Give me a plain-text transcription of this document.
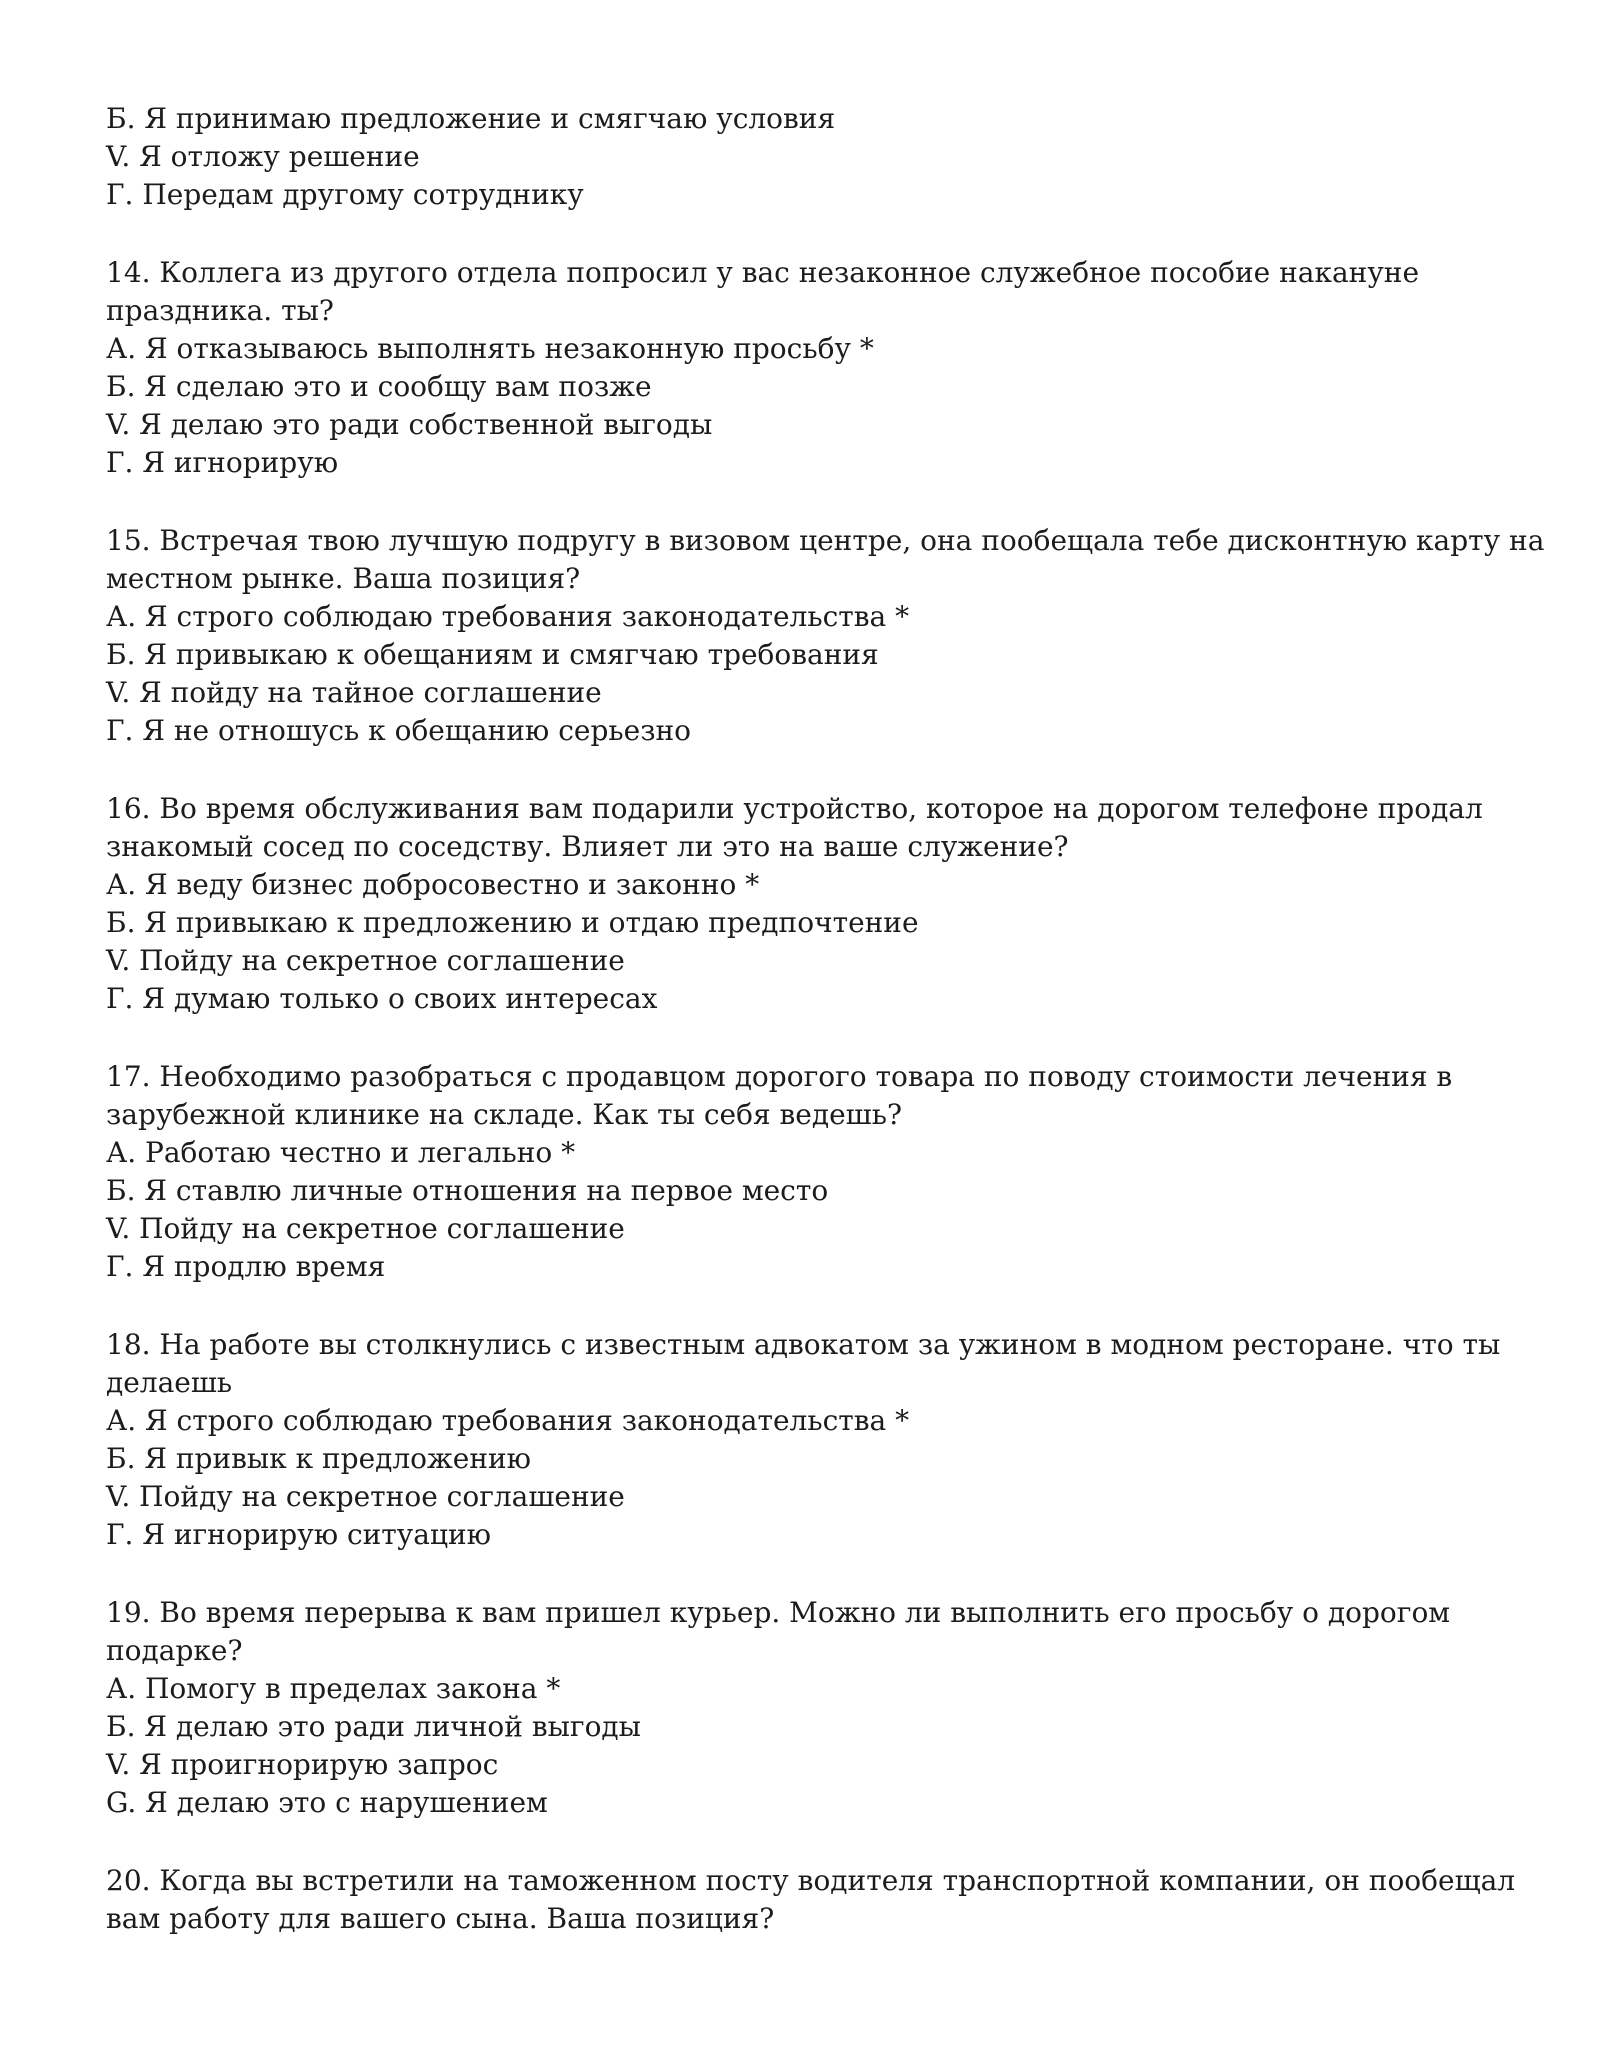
Б. Я принимаю предложение и смягчаю условия

V. Я отложу решение

Г. Передам другому сотруднику

14. Коллега из другого отдела попросил у вас незаконное служебное пособие накануне

праздника. ты?

А. Я отказываюсь выполнять незаконную просьбу *

Б. Я сделаю это и сообщу вам позже

V. Я делаю это ради собственной выгоды

Г. Я игнорирую

15. Встречая твою лучшую подругу в визовом центре, она пообещала тебе дисконтную карту на

местном рынке. Ваша позиция?

А. Я строго соблюдаю требования законодательства *

Б. Я привыкаю к обещаниям и смягчаю требования

V. Я пойду на тайное соглашение

Г. Я не отношусь к обещанию серьезно

16. Во время обслуживания вам подарили устройство, которое на дорогом телефоне продал

знакомый сосед по соседству. Влияет ли это на ваше служение?

А. Я веду бизнес добросовестно и законно *

Б. Я привыкаю к предложению и отдаю предпочтение

V. Пойду на секретное соглашение

Г. Я думаю только о своих интересах

17. Необходимо разобраться с продавцом дорогого товара по поводу стоимости лечения в

зарубежной клинике на складе. Как ты себя ведешь?

А. Работаю честно и легально *

Б. Я ставлю личные отношения на первое место

V. Пойду на секретное соглашение

Г. Я продлю время

18. На работе вы столкнулись с известным адвокатом за ужином в модном ресторане. что ты

делаешь

А. Я строго соблюдаю требования законодательства *

Б. Я привык к предложению

V. Пойду на секретное соглашение

Г. Я игнорирую ситуацию

19. Во время перерыва к вам пришел курьер. Можно ли выполнить его просьбу о дорогом

подарке?

А. Помогу в пределах закона *

Б. Я делаю это ради личной выгоды

V. Я проигнорирую запрос

G. Я делаю это с нарушением

20. Когда вы встретили на таможенном посту водителя транспортной компании, он пообещал

вам работу для вашего сына. Ваша позиция?
